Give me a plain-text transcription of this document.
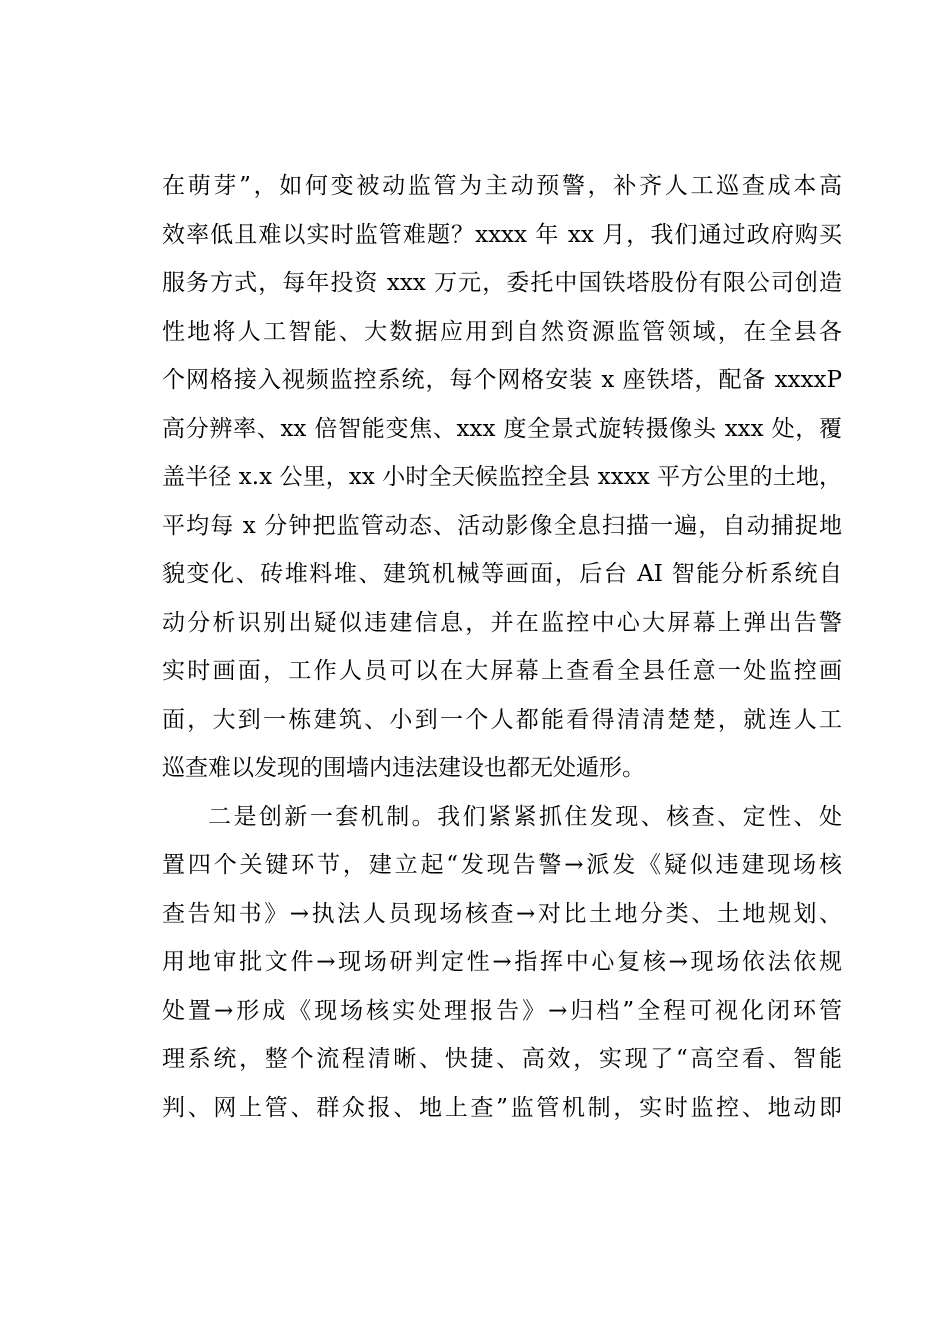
在萌芽”，如何变被动监管为主动预警，补齐人工巡查成本高
效率低且难以实时监管难题？xxxx 年 xx 月，我们通过政府购买
服务方式，每年投资 xxx 万元，委托中国铁塔股份有限公司创造
性地将人工智能、大数据应用到自然资源监管领域，在全县各
个网格接入视频监控系统，每个网格安装 x 座铁塔，配备 xxxxP
高分辨率、xx 倍智能变焦、xxx 度全景式旋转摄像头 xxx 处，覆
盖半径 x.x 公里，xx 小时全天候监控全县 xxxx 平方公里的土地，
平均每 x 分钟把监管动态、活动影像全息扫描一遍，自动捕捉地
貌变化、砖堆料堆、建筑机械等画面，后台 AI 智能分析系统自
动分析识别出疑似违建信息，并在监控中心大屏幕上弹出告警
实时画面，工作人员可以在大屏幕上查看全县任意一处监控画
面，大到一栋建筑、小到一个人都能看得清清楚楚，就连人工
巡查难以发现的围墙内违法建设也都无处遁形。
二是创新一套机制。我们紧紧抓住发现、核查、定性、处
置四个关键环节，建立起“发现告警→派发《疑似违建现场核
查告知书》→执法人员现场核查→对比土地分类、土地规划、
用地审批文件→现场研判定性→指挥中心复核→现场依法依规
处置→形成《现场核实处理报告》→归档”全程可视化闭环管
理系统，整个流程清晰、快捷、高效，实现了“高空看、智能
判、网上管、群众报、地上查”监管机制，实时监控、地动即
